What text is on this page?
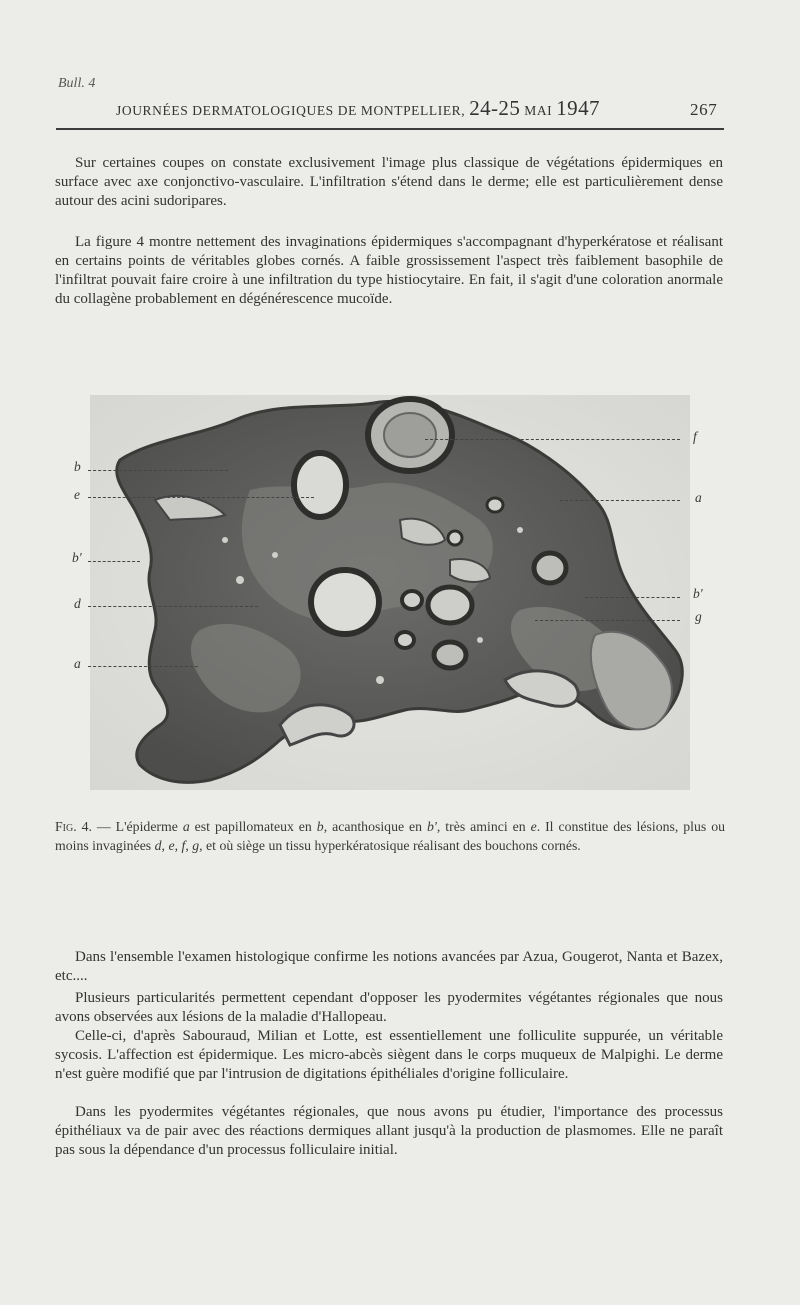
Bull. 4
JOURNÉES DERMATOLOGIQUES DE MONTPELLIER, 24-25 MAI 1947	267

Sur certaines coupes on constate exclusivement l'image plus classique de végétations épidermiques en surface avec axe conjonctivo-vasculaire. L'infiltration s'étend dans le derme; elle est particulièrement dense autour des acini sudoripares.

La figure 4 montre nettement des invaginations épidermiques s'accompagnant d'hyperkératose et réalisant en certains points de véritables globes cornés. A faible grossissement l'aspect très faiblement basophile de l'infiltrat pouvait faire croire à une infiltration du type histiocytaire. En fait, il s'agit d'une coloration anormale du collagène probablement en dégénérescence mucoïde.

b
e
b'
d
a
f
a
b'
g

Fig. 4. — L'épiderme a est papillomateux en b, acanthosique en b', très aminci en e. Il constitue des lésions, plus ou moins invaginées d, e, f, g, et où siège un tissu hyperkératosique réalisant des bouchons cornés.

Dans l'ensemble l'examen histologique confirme les notions avancées par Azua, Gougerot, Nanta et Bazex, etc....

Plusieurs particularités permettent cependant d'opposer les pyodermites végétantes régionales que nous avons observées aux lésions de la maladie d'Hallopeau.

Celle-ci, d'après Sabouraud, Milian et Lotte, est essentiellement une folliculite suppurée, un véritable sycosis. L'affection est épidermique. Les micro-abcès siègent dans le corps muqueux de Malpighi. Le derme n'est guère modifié que par l'intrusion de digitations épithéliales d'origine folliculaire.

Dans les pyodermites végétantes régionales, que nous avons pu étudier, l'importance des processus épithéliaux va de pair avec des réactions dermiques allant jusqu'à la production de plasmomes. Elle ne paraît pas sous la dépendance d'un processus folliculaire initial.
